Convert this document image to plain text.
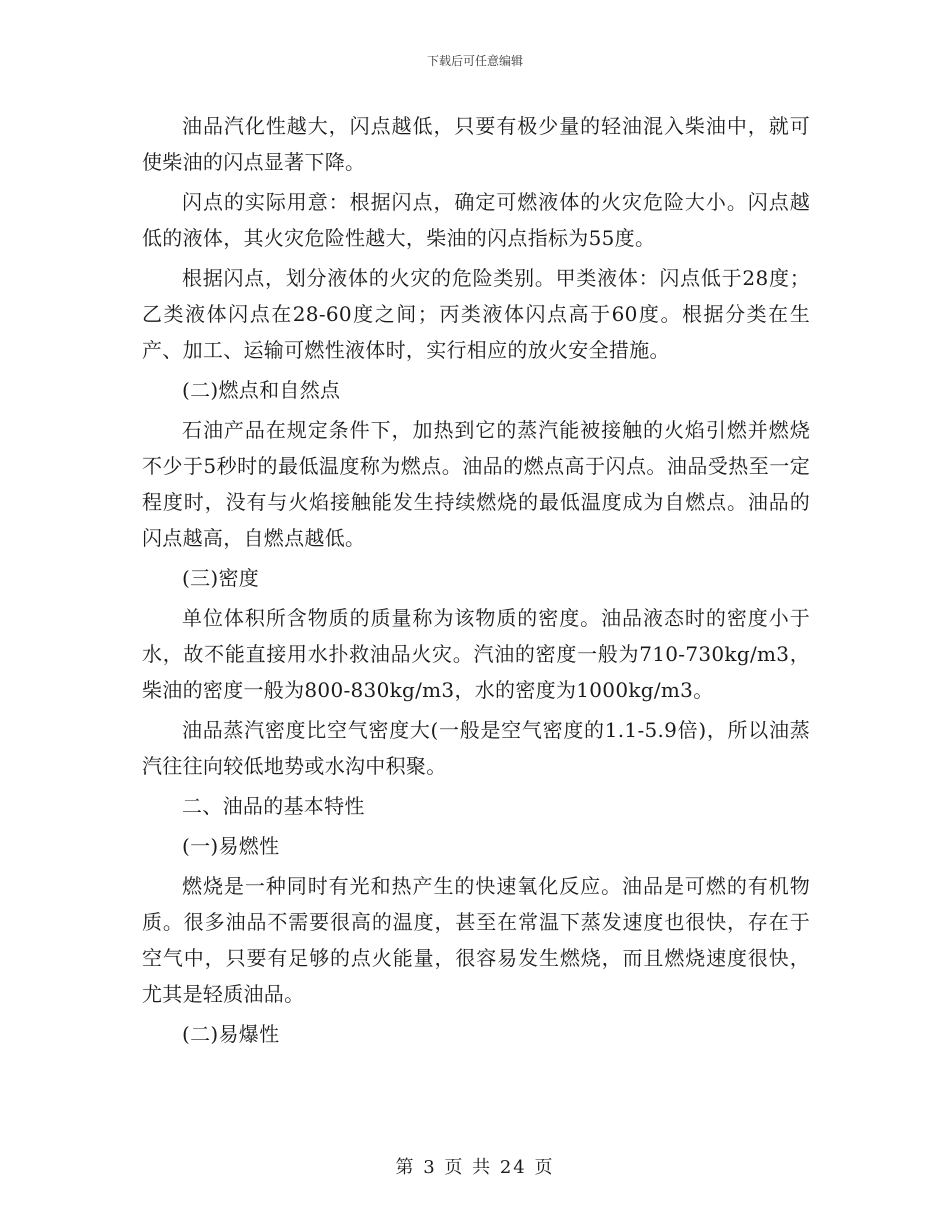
下载后可任意编辑

油品汽化性越大，闪点越低，只要有极少量的轻油混入柴油中，就可使柴油的闪点显著下降。

闪点的实际用意：根据闪点，确定可燃液体的火灾危险大小。闪点越低的液体，其火灾危险性越大，柴油的闪点指标为55度。

根据闪点，划分液体的火灾的危险类别。甲类液体：闪点低于28度；乙类液体闪点在28-60度之间；丙类液体闪点高于60度。根据分类在生产、加工、运输可燃性液体时，实行相应的放火安全措施。

(二)燃点和自然点

石油产品在规定条件下，加热到它的蒸汽能被接触的火焰引燃并燃烧不少于5秒时的最低温度称为燃点。油品的燃点高于闪点。油品受热至一定程度时，没有与火焰接触能发生持续燃烧的最低温度成为自燃点。油品的闪点越高，自燃点越低。

(三)密度

单位体积所含物质的质量称为该物质的密度。油品液态时的密度小于水，故不能直接用水扑救油品火灾。汽油的密度一般为710-730kg/m3，柴油的密度一般为800-830kg/m3，水的密度为1000kg/m3。

油品蒸汽密度比空气密度大(一般是空气密度的1.1-5.9倍)，所以油蒸汽往往向较低地势或水沟中积聚。

二、油品的基本特性

(一)易燃性

燃烧是一种同时有光和热产生的快速氧化反应。油品是可燃的有机物质。很多油品不需要很高的温度，甚至在常温下蒸发速度也很快，存在于空气中，只要有足够的点火能量，很容易发生燃烧，而且燃烧速度很快，尤其是轻质油品。

(二)易爆性

第 3 页 共 24 页
